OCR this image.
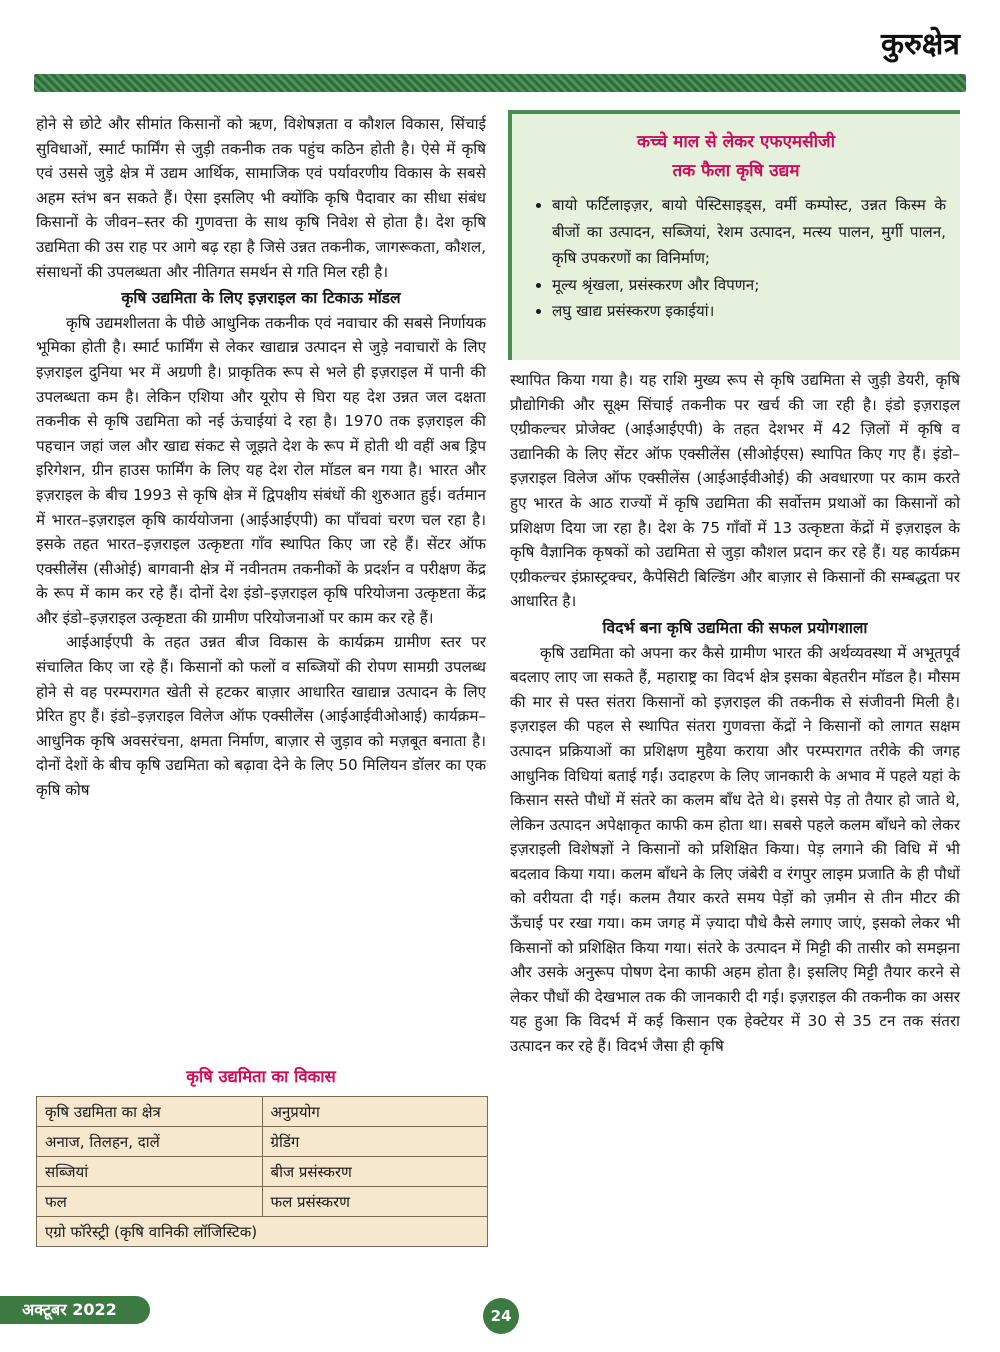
कुरुक्षेत्र

होने से छोटे और सीमांत किसानों को ऋण, विशेषज्ञता व कौशल विकास, सिंचाई सुविधाओं, स्मार्ट फार्मिंग से जुड़ी तकनीक तक पहुंच कठिन होती है। ऐसे में कृषि एवं उससे जुड़े क्षेत्र में उद्यम आर्थिक, सामाजिक एवं पर्यावरणीय विकास के सबसे अहम स्तंभ बन सकते हैं। ऐसा इसलिए भी क्योंकि कृषि पैदावार का सीधा संबंध किसानों के जीवन–स्तर की गुणवत्ता के साथ कृषि निवेश से होता है। देश कृषि उद्यमिता की उस राह पर आगे बढ़ रहा है जिसे उन्नत तकनीक, जागरूकता, कौशल, संसाधनों की उपलब्धता और नीतिगत समर्थन से गति मिल रही है।

कृषि उद्यमिता के लिए इज़राइल का टिकाऊ मॉडल

कृषि उद्यमशीलता के पीछे आधुनिक तकनीक एवं नवाचार की सबसे निर्णायक भूमिका होती है। स्मार्ट फार्मिंग से लेकर खाद्यान्न उत्पादन से जुड़े नवाचारों के लिए इज़राइल दुनिया भर में अग्रणी है। प्राकृतिक रूप से भले ही इज़राइल में पानी की उपलब्धता कम है। लेकिन एशिया और यूरोप से घिरा यह देश उन्नत जल दक्षता तकनीक से कृषि उद्यमिता को नई ऊंचाईयां दे रहा है। 1970 तक इज़राइल की पहचान जहां जल और खाद्य संकट से जूझते देश के रूप में होती थी वहीं अब ड्रिप इरिगेशन, ग्रीन हाउस फार्मिंग के लिए यह देश रोल मॉडल बन गया है। भारत और इज़राइल के बीच 1993 से कृषि क्षेत्र में द्विपक्षीय संबंधों की शुरुआत हुई। वर्तमान में भारत–इज़राइल कृषि कार्ययोजना (आईआईएपी) का पाँचवां चरण चल रहा है। इसके तहत भारत–इज़राइल उत्कृष्टता गाँव स्थापित किए जा रहे हैं। सेंटर ऑफ एक्सीलेंस (सीओई) बागवानी क्षेत्र में नवीनतम तकनीकों के प्रदर्शन व परीक्षण केंद्र के रूप में काम कर रहे हैं। दोनों देश इंडो–इज़राइल कृषि परियोजना उत्कृष्टता केंद्र और इंडो–इज़राइल उत्कृष्टता की ग्रामीण परियोजनाओं पर काम कर रहे हैं।

आईआईएपी के तहत उन्नत बीज विकास के कार्यक्रम ग्रामीण स्तर पर संचालित किए जा रहे हैं। किसानों को फलों व सब्जियों की रोपण सामग्री उपलब्ध होने से वह परम्परागत खेती से हटकर बाज़ार आधारित खाद्यान्न उत्पादन के लिए प्रेरित हुए हैं। इंडो–इज़राइल विलेज ऑफ एक्सीलेंस (आईआईवीओआई) कार्यक्रम–आधुनिक कृषि अवसरंचना, क्षमता निर्माण, बाज़ार से जुड़ाव को मज़बूत बनाता है। दोनों देशों के बीच कृषि उद्यमिता को बढ़ावा देने के लिए 50 मिलियन डॉलर का एक कृषि कोष

कच्चे माल से लेकर एफएमसीजी
तक फैला कृषि उद्यम
• बायो फर्टिलाइज़र, बायो पेस्टिसाइड्स, वर्मी कम्पोस्ट, उन्नत किस्म के बीजों का उत्पादन, सब्जियां, रेशम उत्पादन, मत्स्य पालन, मुर्गी पालन, कृषि उपकरणों का विनिर्माण;
• मूल्य श्रृंखला, प्रसंस्करण और विपणन;
• लघु खाद्य प्रसंस्करण इकाईयां।

स्थापित किया गया है। यह राशि मुख्य रूप से कृषि उद्यमिता से जुड़ी डेयरी, कृषि प्रौद्योगिकी और सूक्ष्म सिंचाई तकनीक पर खर्च की जा रही है। इंडो इज़राइल एग्रीकल्चर प्रोजेक्ट (आईआईएपी) के तहत देशभर में 42 ज़िलों में कृषि व उद्यानिकी के लिए सेंटर ऑफ एक्सीलेंस (सीओईएस) स्थापित किए गए हैं। इंडो–इज़राइल विलेज ऑफ एक्सीलेंस (आईआईवीओई) की अवधारणा पर काम करते हुए भारत के आठ राज्यों में कृषि उद्यमिता की सर्वोत्तम प्रथाओं का किसानों को प्रशिक्षण दिया जा रहा है। देश के 75 गाँवों में 13 उत्कृष्टता केंद्रों में इज़राइल के कृषि वैज्ञानिक कृषकों को उद्यमिता से जुड़ा कौशल प्रदान कर रहे हैं। यह कार्यक्रम एग्रीकल्चर इंफ्रास्ट्रक्चर, कैपेसिटी बिल्डिंग और बाज़ार से किसानों की सम्बद्धता पर आधारित है।

विदर्भ बना कृषि उद्यमिता की सफल प्रयोगशाला

कृषि उद्यमिता को अपना कर कैसे ग्रामीण भारत की अर्थव्यवस्था में अभूतपूर्व बदलाए लाए जा सकते हैं, महाराष्ट्र का विदर्भ क्षेत्र इसका बेहतरीन मॉडल है। मौसम की मार से पस्त संतरा किसानों को इज़राइल की तकनीक से संजीवनी मिली है। इज़राइल की पहल से स्थापित संतरा गुणवत्ता केंद्रों ने किसानों को लागत सक्षम उत्पादन प्रक्रियाओं का प्रशिक्षण मुहैया कराया और परम्परागत तरीके की जगह आधुनिक विधियां बताई गईं। उदाहरण के लिए जानकारी के अभाव में पहले यहां के किसान सस्ते पौधों में संतरे का कलम बाँध देते थे। इससे पेड़ तो तैयार हो जाते थे, लेकिन उत्पादन अपेक्षाकृत काफी कम होता था। सबसे पहले कलम बाँधने को लेकर इज़राइली विशेषज्ञों ने किसानों को प्रशिक्षित किया। पेड़ लगाने की विधि में भी बदलाव किया गया। कलम बाँधने के लिए जंबेरी व रंगपुर लाइम प्रजाति के ही पौधों को वरीयता दी गई। कलम तैयार करते समय पेड़ों को ज़मीन से तीन मीटर की ऊँचाई पर रखा गया। कम जगह में ज़्यादा पौधे कैसे लगाए जाएं, इसको लेकर भी किसानों को प्रशिक्षित किया गया। संतरे के उत्पादन में मिट्टी की तासीर को समझना और उसके अनुरूप पोषण देना काफी अहम होता है। इसलिए मिट्टी तैयार करने से लेकर पौधों की देखभाल तक की जानकारी दी गई। इज़राइल की तकनीक का असर यह हुआ कि विदर्भ में कई किसान एक हेक्टेयर में 30 से 35 टन तक संतरा उत्पादन कर रहे हैं। विदर्भ जैसा ही कृषि

कृषि उद्यमिता का विकास
कृषि उद्यमिता का क्षेत्र	अनुप्रयोग
अनाज, तिलहन, दालें	ग्रेडिंग
सब्जियां	बीज प्रसंस्करण
फल	फल प्रसंस्करण
एग्रो फॉरेस्ट्री (कृषि वानिकी लॉजिस्टिक)	
अक्टूबर 2022	24
